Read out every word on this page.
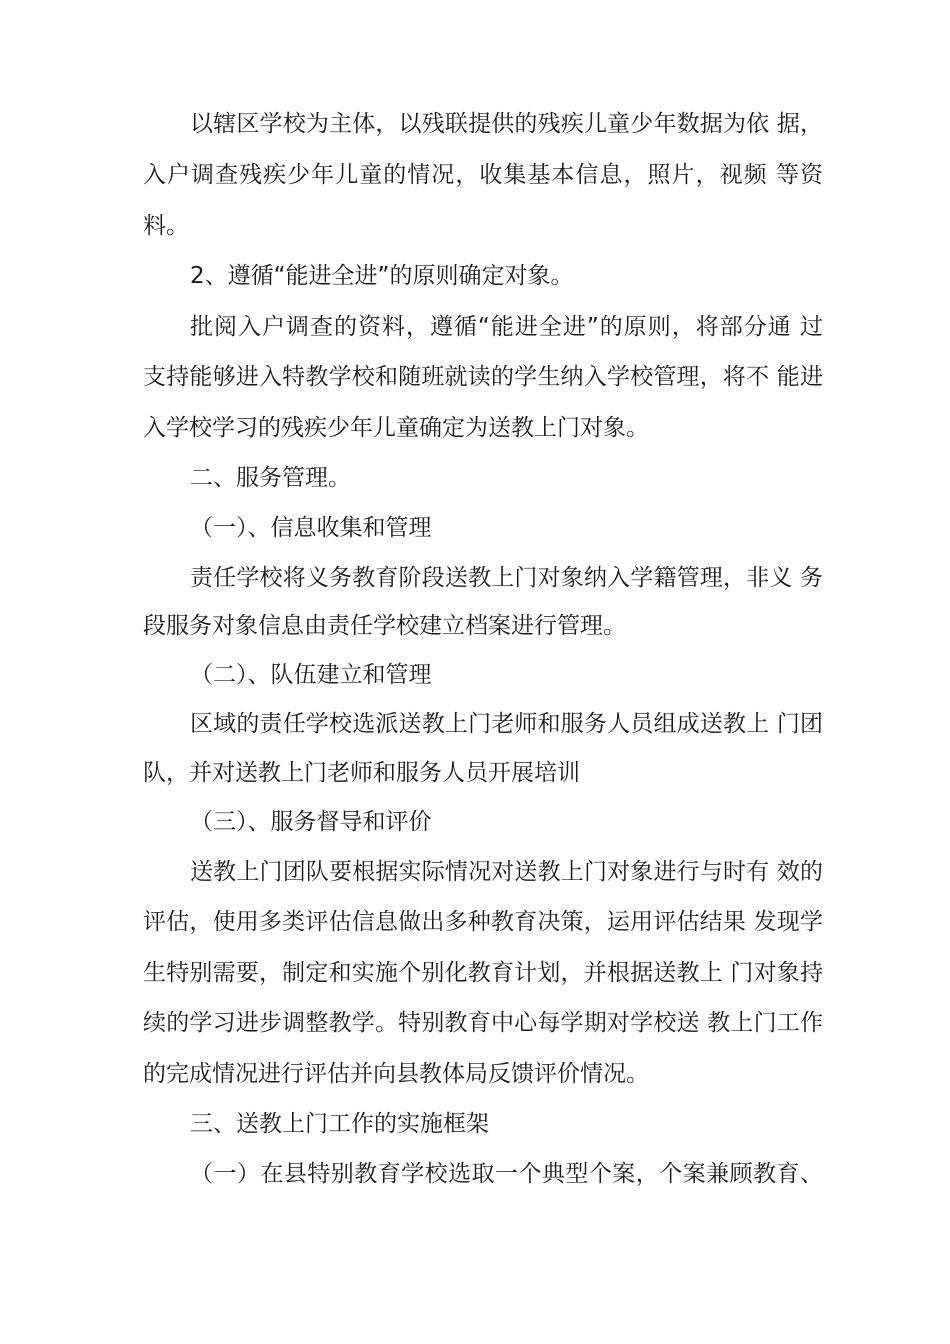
以辖区学校为主体，以残联提供的残疾儿童少年数据为依 据，
入户调查残疾少年儿童的情况，收集基本信息，照片，视频 等资
料。
2、遵循“能进全进”的原则确定对象。
批阅入户调查的资料，遵循“能进全进”的原则，将部分通 过
支持能够进入特教学校和随班就读的学生纳入学校管理，将不 能进
入学校学习的残疾少年儿童确定为送教上门对象。
二、服务管理。
（一）、信息收集和管理
责任学校将义务教育阶段送教上门对象纳入学籍管理，非义 务
段服务对象信息由责任学校建立档案进行管理。
（二）、队伍建立和管理
区域的责任学校选派送教上门老师和服务人员组成送教上 门团
队，并对送教上门老师和服务人员开展培训
（三）、服务督导和评价
送教上门团队要根据实际情况对送教上门对象进行与时有 效的
评估，使用多类评估信息做出多种教育决策，运用评估结果 发现学
生特别需要，制定和实施个别化教育计划，并根据送教上 门对象持
续的学习进步调整教学。特别教育中心每学期对学校送 教上门工作
的完成情况进行评估并向县教体局反馈评价情况。
三、送教上门工作的实施框架
（一）在县特别教育学校选取一个典型个案，个案兼顾教育、
